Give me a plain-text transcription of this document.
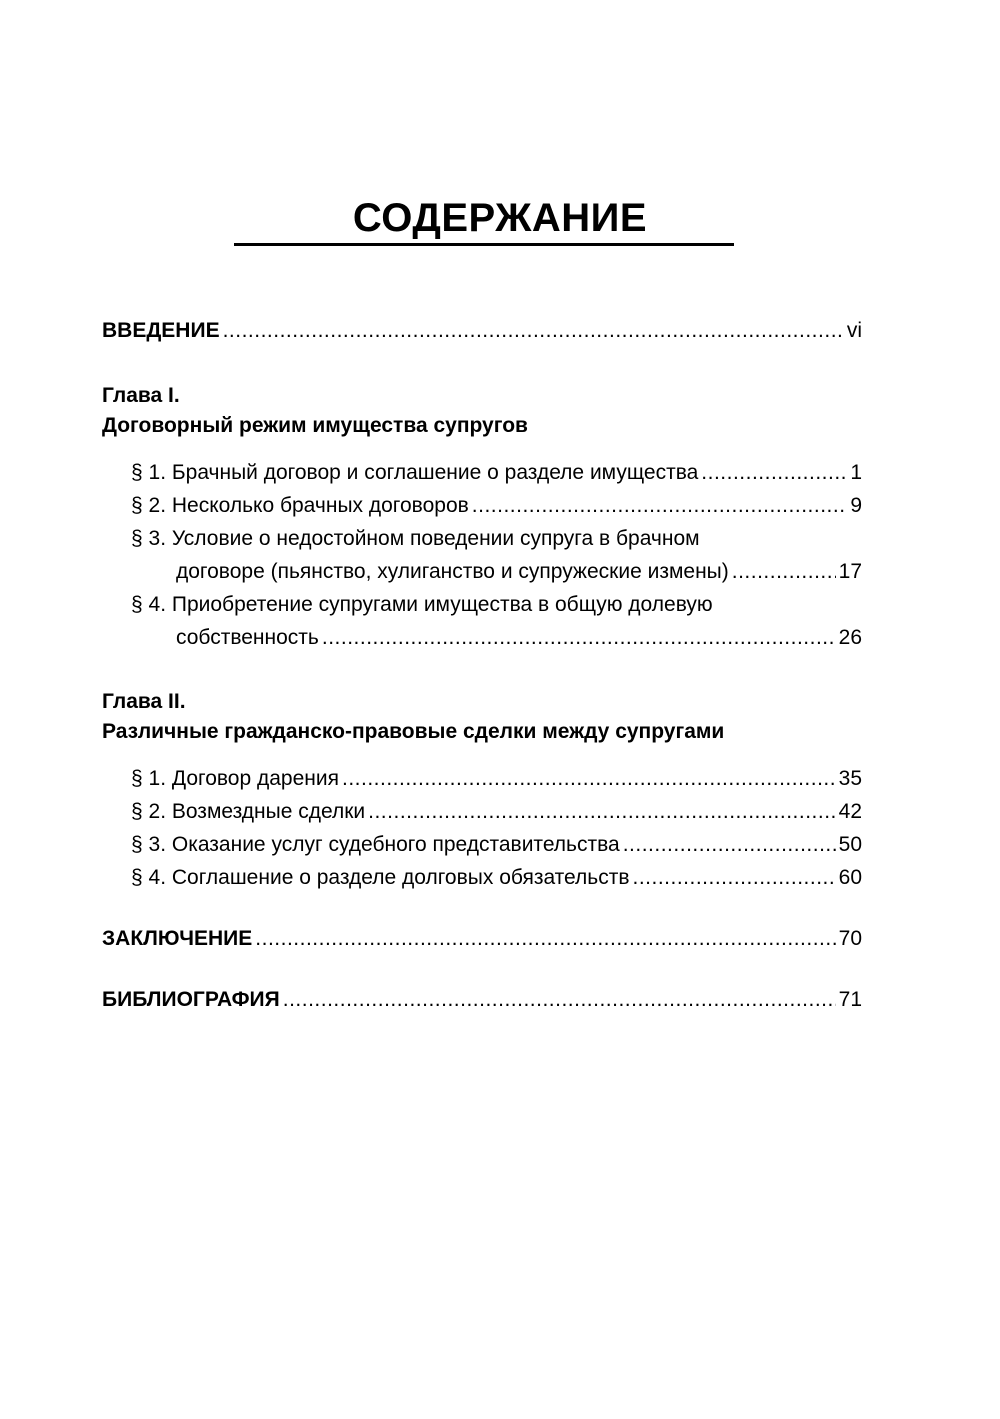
СОДЕРЖАНИЕ
ВВЕДЕНИЕ .....	vi
Глава I.
Договорный режим имущества супругов
§ 1. Брачный договор и соглашение о разделе имущества .....	1
§ 2. Несколько брачных договоров .....	9
§ 3. Условие о недостойном поведении супруга в брачном
договоре (пьянство, хулиганство и супружеские измены) .....	17
§ 4. Приобретение супругами имущества в общую долевую
собственность .....	26
Глава II.
Различные гражданско-правовые сделки между супругами
§ 1. Договор дарения .....	35
§ 2. Возмездные сделки .....	42
§ 3. Оказание услуг судебного представительства .....	50
§ 4. Соглашение о разделе долговых обязательств .....	60
ЗАКЛЮЧЕНИЕ .....	70
БИБЛИОГРАФИЯ .....	71
